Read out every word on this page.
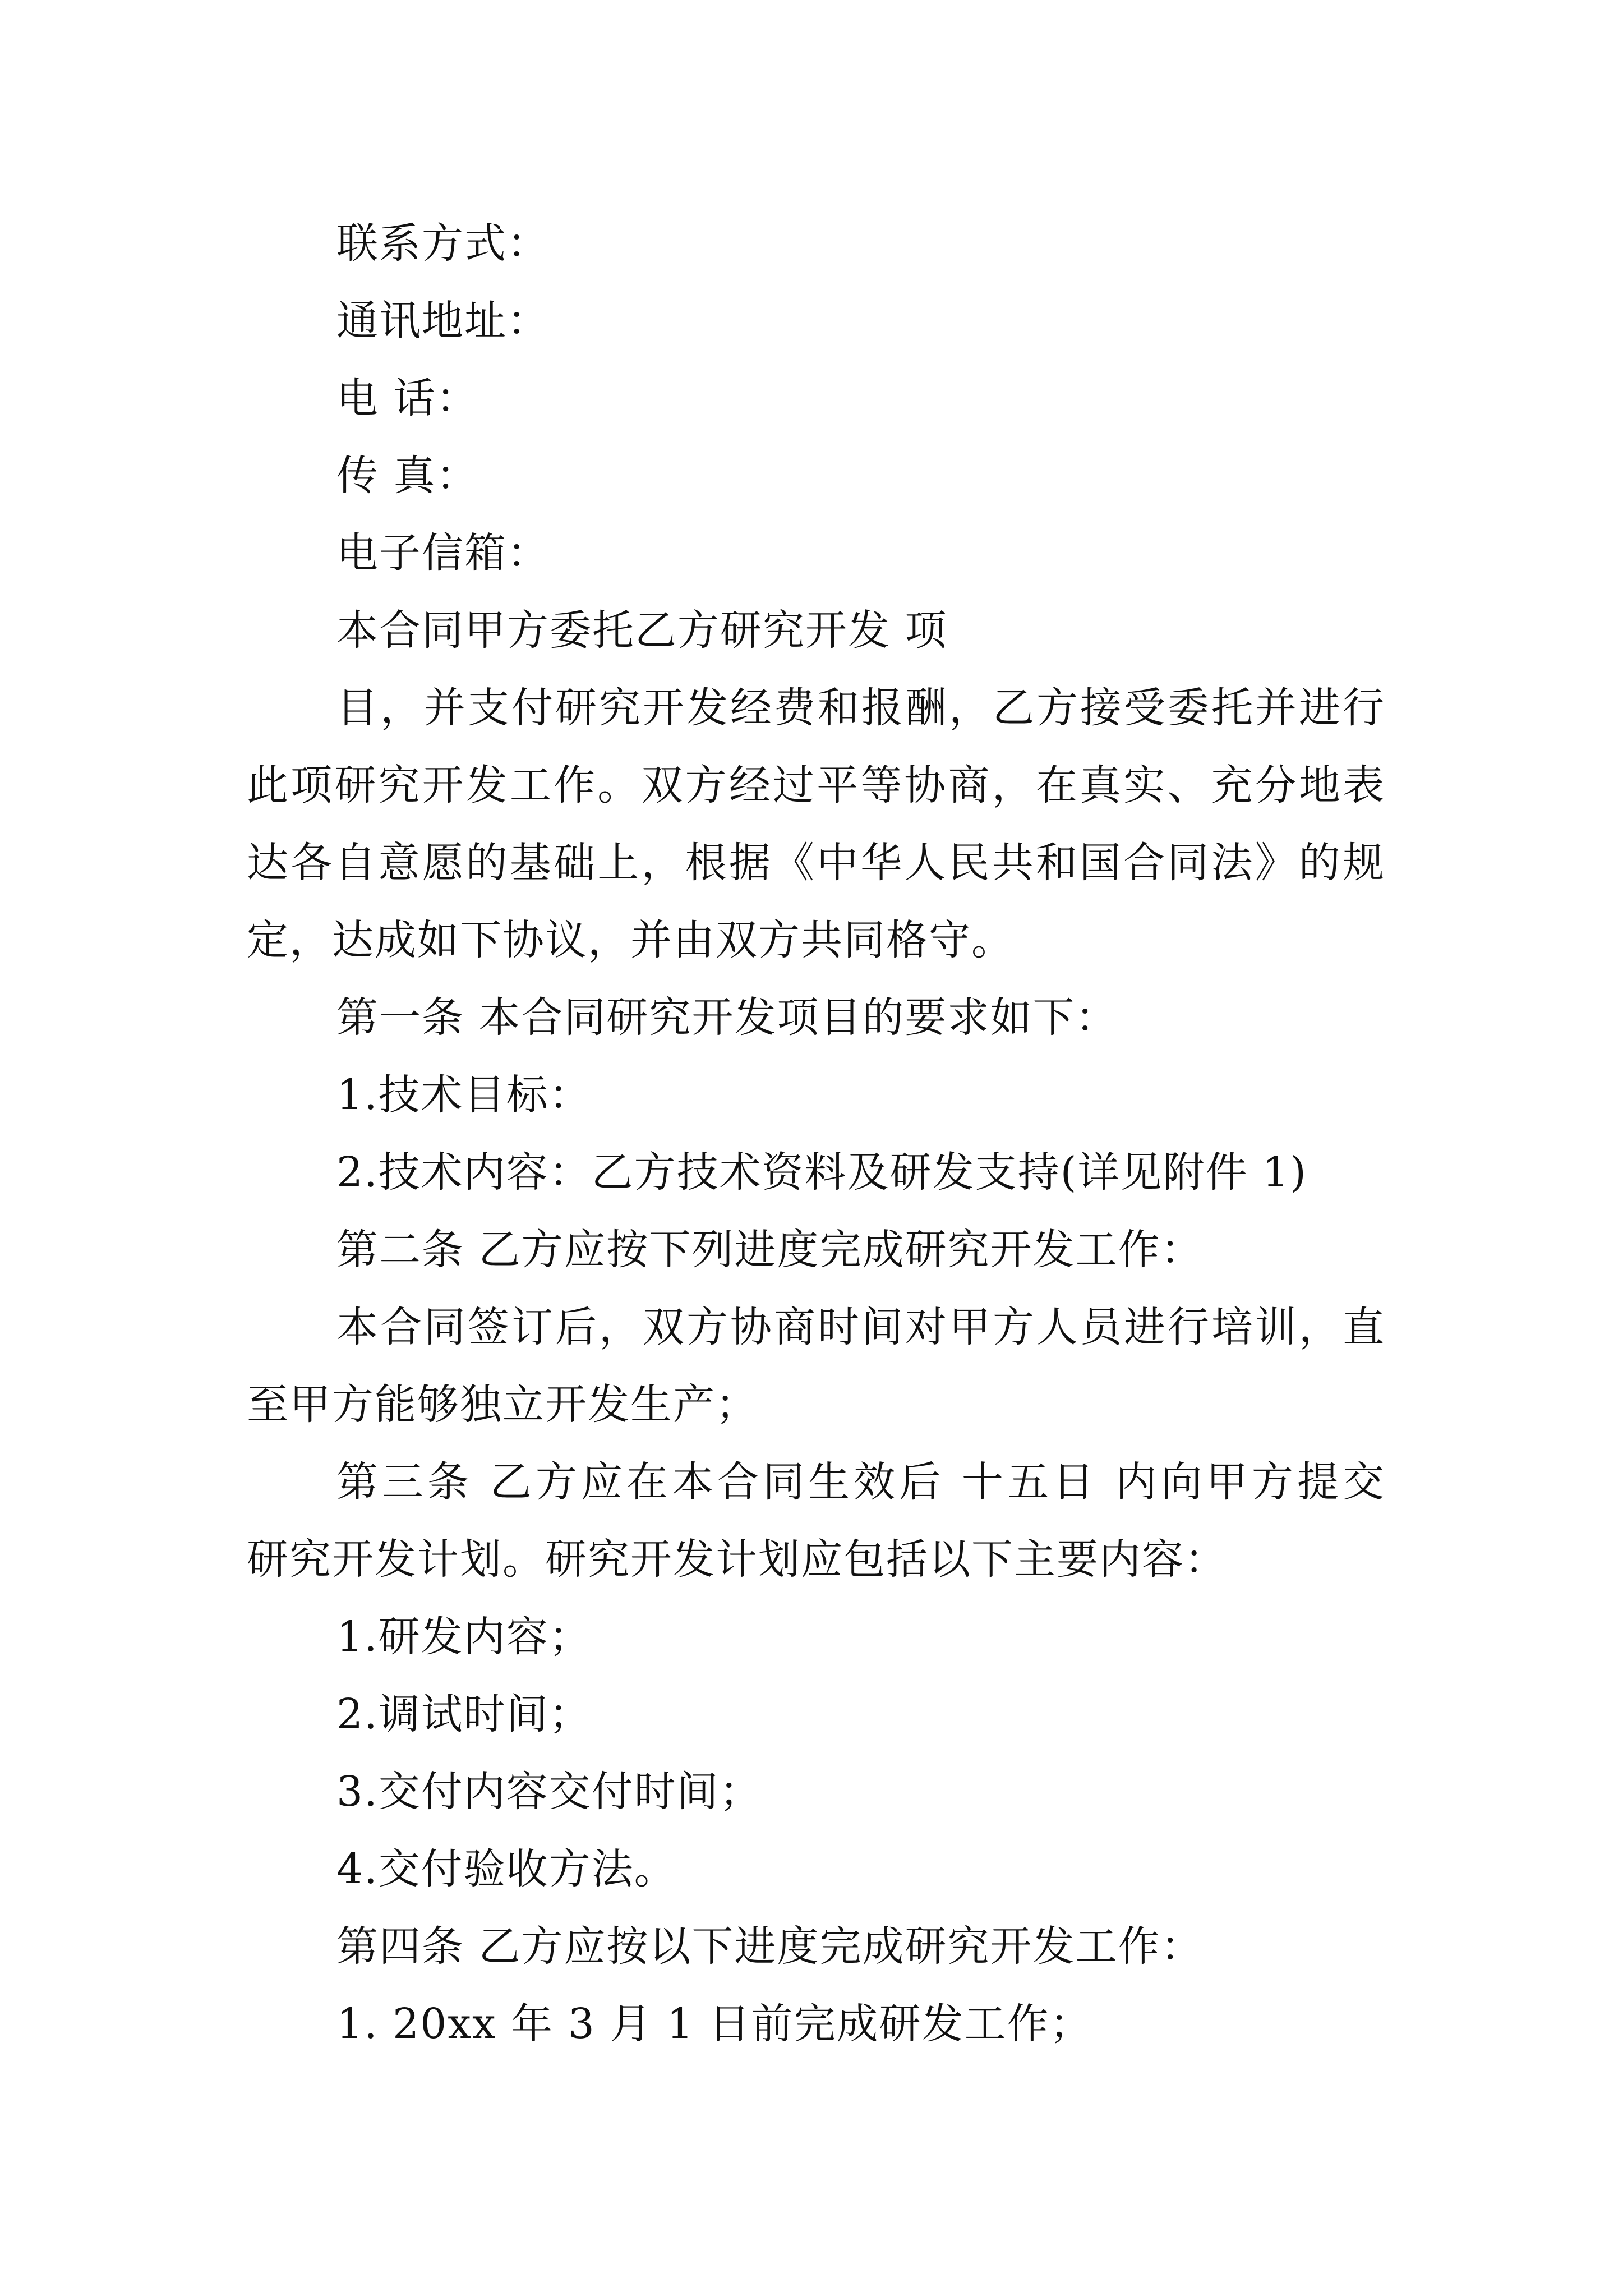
联系方式：
通讯地址：
电 话：
传 真：
电子信箱：
本合同甲方委托乙方研究开发 项
目，并支付研究开发经费和报酬，乙方接受委托并进行
此项研究开发工作。双方经过平等协商，在真实、充分地表
达各自意愿的基础上，根据《中华人民共和国合同法》的规
定，达成如下协议，并由双方共同格守。
第一条 本合同研究开发项目的要求如下：
1.技术目标：
2.技术内容：乙方技术资料及研发支持(详见附件 1)
第二条 乙方应按下列进度完成研究开发工作：
本合同签订后，双方协商时间对甲方人员进行培训，直
至甲方能够独立开发生产；
第三条 乙方应在本合同生效后 十五日 内向甲方提交
研究开发计划。研究开发计划应包括以下主要内容：
1.研发内容；
2.调试时间；
3.交付内容交付时间；
4.交付验收方法。
第四条 乙方应按以下进度完成研究开发工作：
1. 20xx 年 3 月 1 日前完成研发工作；
